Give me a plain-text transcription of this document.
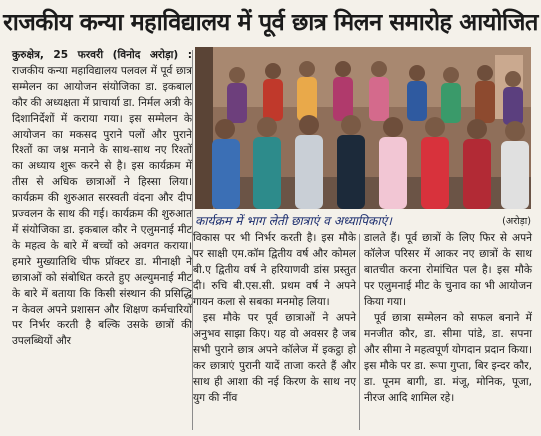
राजकीय कन्या महाविद्यालय में पूर्व छात्र मिलन समारोह आयोजित

कुरुक्षेत्र, 25 फरवरी (विनोद अरोड़ा) : राजकीय कन्या महाविद्यालय पलवल में पूर्व छात्र सम्मेलन का आयोजन संयोजिका डा. इकबाल कौर की अध्यक्षता में प्राचार्या डा. निर्मल अत्री के दिशानिर्देशों में कराया गया। इस सम्मेलन के आयोजन का मकसद पुराने पलों और पुराने रिश्तों का जश्न मनाने के साथ-साथ नए रिश्तों का अध्याय शुरू करने से है। इस कार्यक्रम में तीस से अधिक छात्राओं ने हिस्सा लिया। कार्यक्रम की शुरुआत सरस्वती वंदना और दीप प्रज्वलन के साथ की गई। कार्यक्रम की शुरुआत में संयोजिका डा. इकबाल कौर ने एलुमनाई मीट के महत्व के बारे में बच्चों को अवगत कराया। हमारे मुख्यातिथि चीफ प्रॉक्टर डा. मीनाक्षी ने छात्राओं को संबोधित करते हुए अल्युमनाई मीट के बारे में बताया कि किसी संस्थान की प्रसिद्धि न केवल अपने प्रशासन और शिक्षण कर्मचारियों पर निर्भर करती है बल्कि उसके छात्रों की उपलब्धियों और

कार्यक्रम में भाग लेती छात्राएं व अध्यापिकाएं।	(अरोड़ा)

विकास पर भी निर्भर करती है। इस मौके पर साक्षी एम.कॉम द्वितीय वर्ष और कोमल बी.ए द्वितीय वर्ष ने हरियाणवी डांस प्रस्तुत दी। रुचि बी.एस.सी. प्रथम वर्ष ने अपने गायन कला से सबका मनमोह लिया।

इस मौके पर पूर्व छात्राओं ने अपने अनुभव साझा किए। यह वो अवसर है जब सभी पुराने छात्र अपने कॉलेज में इकट्ठा हो कर छात्राएं पुरानी यादें ताजा करते हैं और साथ ही आशा की नई किरण के साथ नए युग की नींव

डालते हैं। पूर्व छात्रों के लिए फिर से अपने कॉलेज परिसर में आकर नए छात्रों के साथ बातचीत करना रोमांचित पल है। इस मौके पर एलुमनाई मीट के चुनाव का भी आयोजन किया गया।

पूर्व छात्रा सम्मेलन को सफल बनाने में मनजीत कौर, डा. सीमा पांडे, डा. सपना और सीमा ने महत्वपूर्ण योगदान प्रदान किया। इस मौके पर डा. रूपा गुप्ता, बिर इन्दर कौर, डा. पूनम बागी, डा. मंजू, मोनिक, पूजा, नीरज आदि शामिल रहे।
